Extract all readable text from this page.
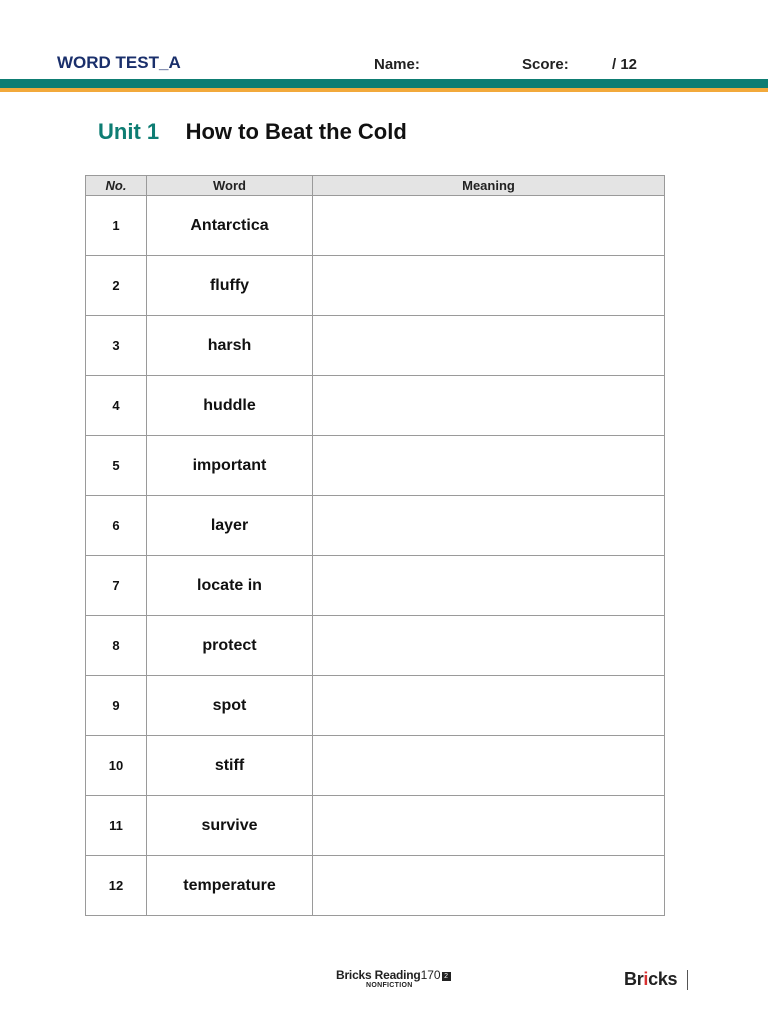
WORD TEST_A	Name:	Score:	/ 12
Unit 1 How to Beat the Cold
No.	Word	Meaning
1	Antarctica	
2	fluffy	
3	harsh	
4	huddle	
5	important	
6	layer	
7	locate in	
8	protect	
9	spot	
10	stiff	
11	survive	
12	temperature	
Bricks Reading170 2
NONFICTION	Bricks
